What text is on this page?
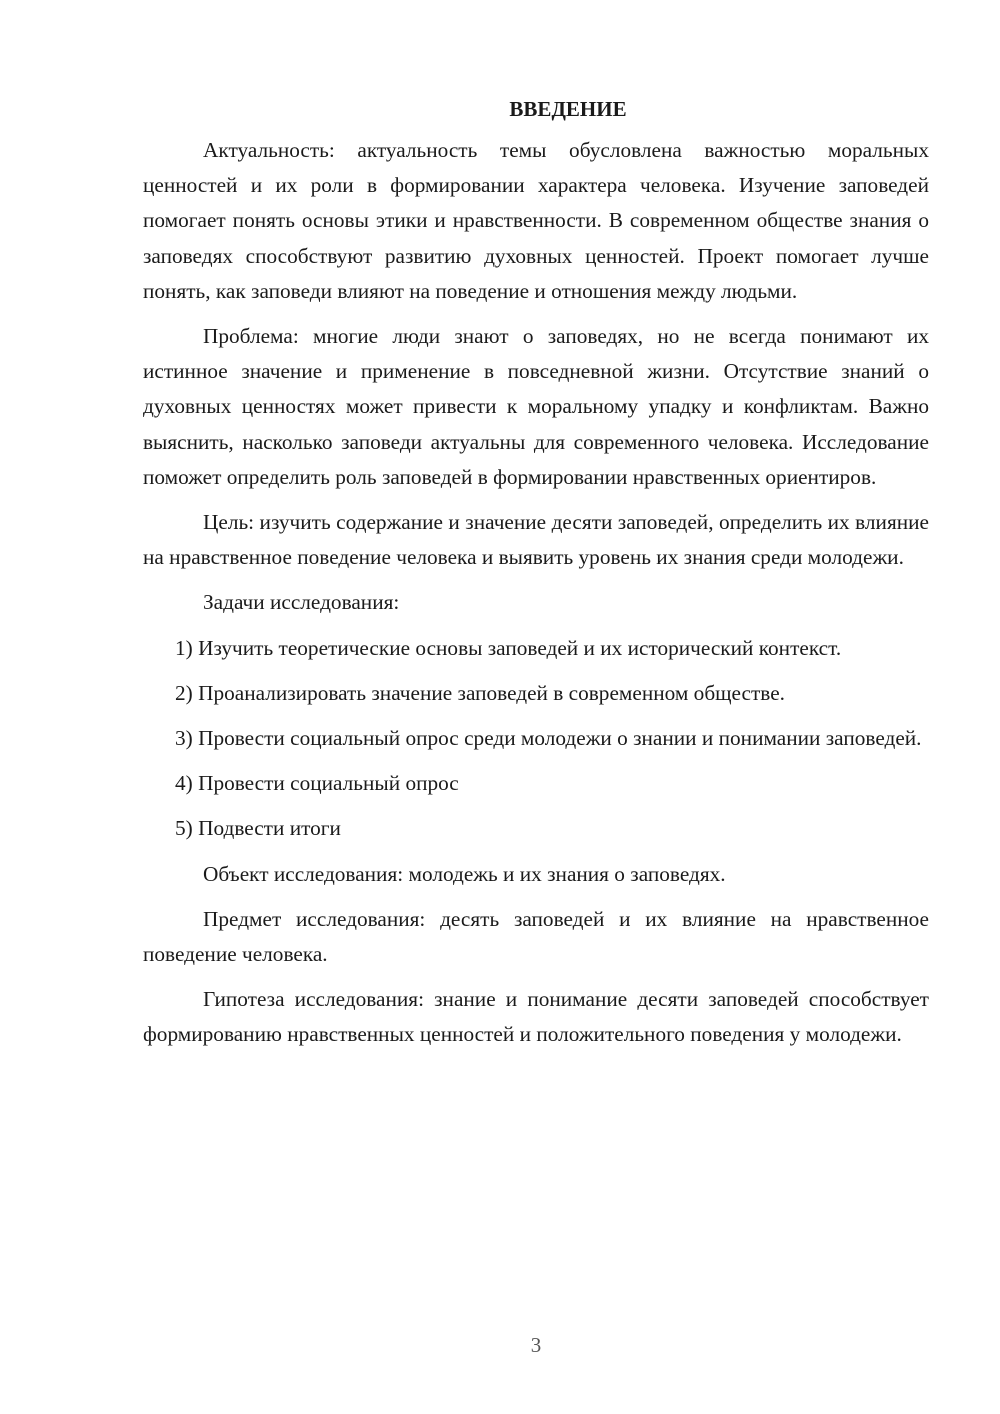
ВВЕДЕНИЕ

Актуальность: актуальность темы обусловлена важностью моральных ценностей и их роли в формировании характера человека. Изучение заповедей помогает понять основы этики и нравственности. В современном обществе знания о заповедях способствуют развитию духовных ценностей. Проект помогает лучше понять, как заповеди влияют на поведение и отношения между людьми.

Проблема: многие люди знают о заповедях, но не всегда понимают их истинное значение и применение в повседневной жизни. Отсутствие знаний о духовных ценностях может привести к моральному упадку и конфликтам. Важно выяснить, насколько заповеди актуальны для современного человека. Исследование поможет определить роль заповедей в формировании нравственных ориентиров.

Цель: изучить содержание и значение десяти заповедей, определить их влияние на нравственное поведение человека и выявить уровень их знания среди молодежи.

Задачи исследования:

1) Изучить теоретические основы заповедей и их исторический контекст.

2) Проанализировать значение заповедей в современном обществе.

3) Провести социальный опрос среди молодежи о знании и понимании заповедей.

4) Провести социальный опрос

5) Подвести итоги

Объект исследования: молодежь и их знания о заповедях.

Предмет исследования: десять заповедей и их влияние на нравственное поведение человека.

Гипотеза исследования: знание и понимание десяти заповедей способствует формированию нравственных ценностей и положительного поведения у молодежи.

3
